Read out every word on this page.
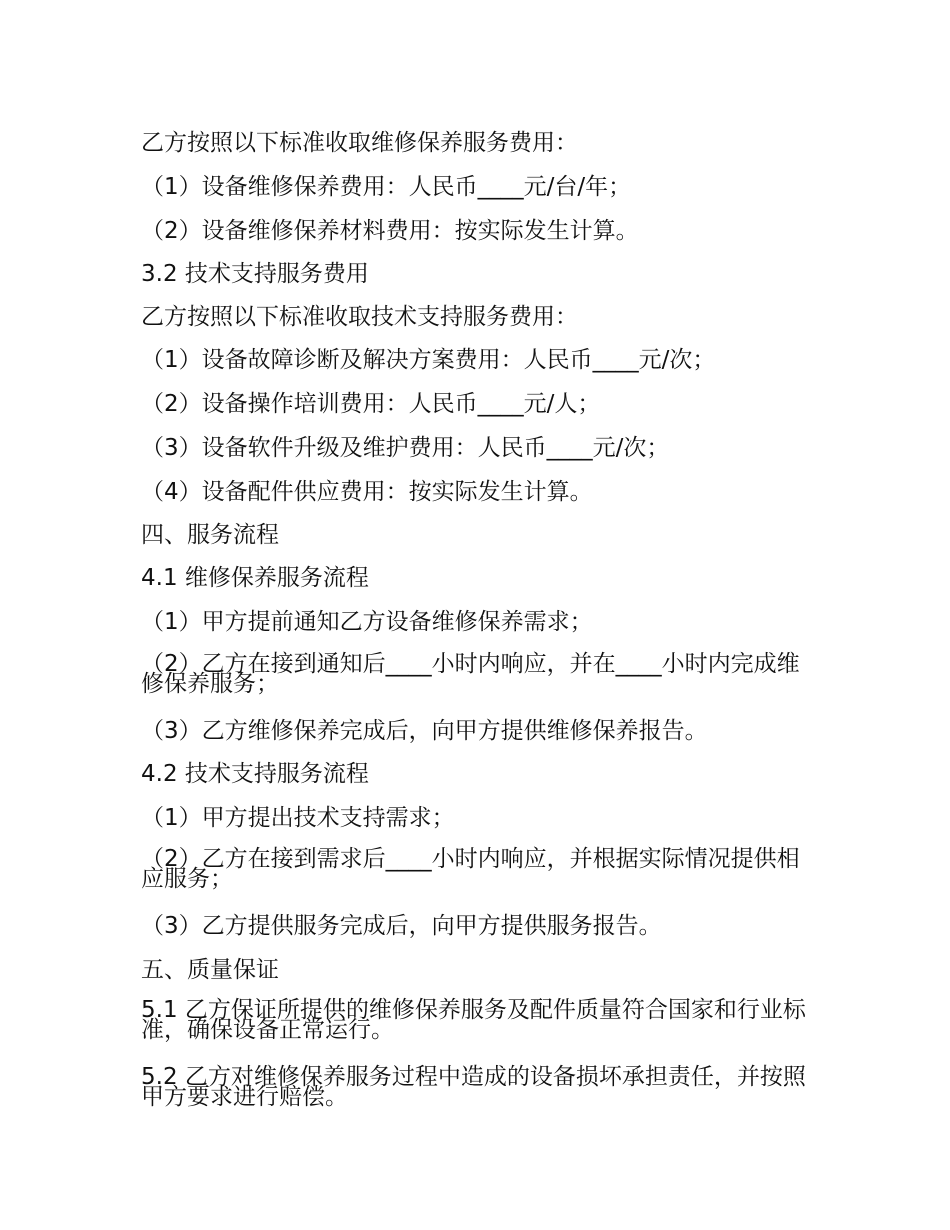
乙方按照以下标准收取维修保养服务费用：

（1）设备维修保养费用：人民币____元/台/年；

（2）设备维修保养材料费用：按实际发生计算。

3.2 技术支持服务费用

乙方按照以下标准收取技术支持服务费用：

（1）设备故障诊断及解决方案费用：人民币____元/次；

（2）设备操作培训费用：人民币____元/人；

（3）设备软件升级及维护费用：人民币____元/次；

（4）设备配件供应费用：按实际发生计算。

四、服务流程

4.1 维修保养服务流程

（1）甲方提前通知乙方设备维修保养需求；

（2）乙方在接到通知后____小时内响应，并在____小时内完成维修保养服务；

（3）乙方维修保养完成后，向甲方提供维修保养报告。

4.2 技术支持服务流程

（1）甲方提出技术支持需求；

（2）乙方在接到需求后____小时内响应，并根据实际情况提供相应服务；

（3）乙方提供服务完成后，向甲方提供服务报告。

五、质量保证

5.1 乙方保证所提供的维修保养服务及配件质量符合国家和行业标准，确保设备正常运行。

5.2 乙方对维修保养服务过程中造成的设备损坏承担责任，并按照甲方要求进行赔偿。
